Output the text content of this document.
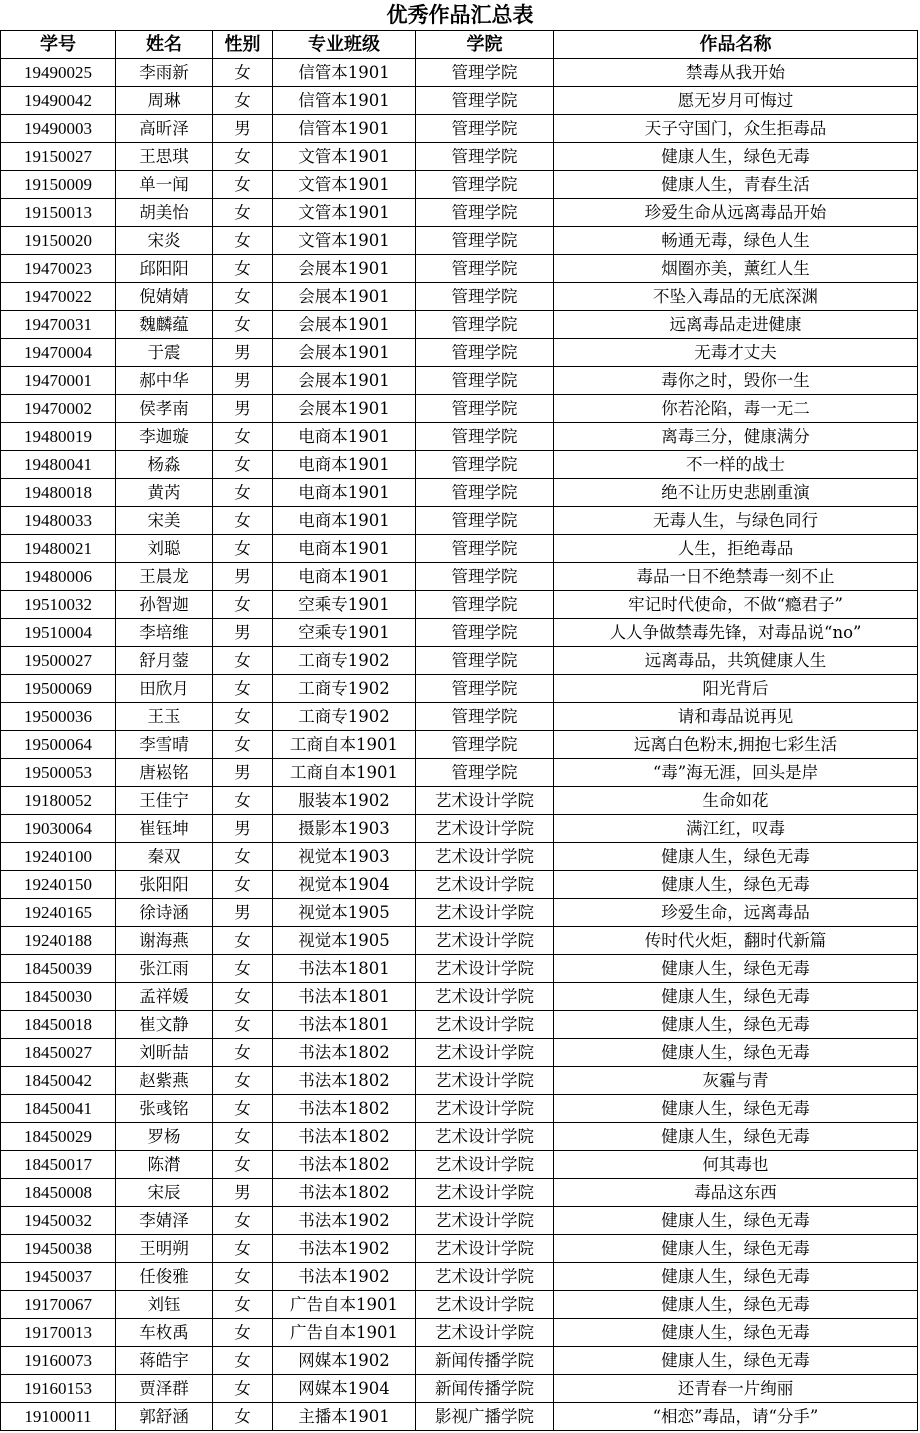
优秀作品汇总表
学号	姓名	性别	专业班级	学院	作品名称
19490025	李雨新	女	信管本1901	管理学院	禁毒从我开始
19490042	周琳	女	信管本1901	管理学院	愿无岁月可悔过
19490003	高昕泽	男	信管本1901	管理学院	天子守国门，众生拒毒品
19150027	王思琪	女	文管本1901	管理学院	健康人生，绿色无毒
19150009	单一闻	女	文管本1901	管理学院	健康人生，青春生活
19150013	胡美怡	女	文管本1901	管理学院	珍爱生命从远离毒品开始
19150020	宋炎	女	文管本1901	管理学院	畅通无毒，绿色人生
19470023	邱阳阳	女	会展本1901	管理学院	烟圈亦美，薰红人生
19470022	倪婧婧	女	会展本1901	管理学院	不坠入毒品的无底深渊
19470031	魏麟蕴	女	会展本1901	管理学院	远离毒品走进健康
19470004	于震	男	会展本1901	管理学院	无毒才丈夫
19470001	郝中华	男	会展本1901	管理学院	毒你之时，毁你一生
19470002	侯孝南	男	会展本1901	管理学院	你若沦陷，毒一无二
19480019	李迦璇	女	电商本1901	管理学院	离毒三分，健康满分
19480041	杨淼	女	电商本1901	管理学院	不一样的战士
19480018	黄芮	女	电商本1901	管理学院	绝不让历史悲剧重演
19480033	宋美	女	电商本1901	管理学院	无毒人生，与绿色同行
19480021	刘聪	女	电商本1901	管理学院	人生，拒绝毒品
19480006	王晨龙	男	电商本1901	管理学院	毒品一日不绝禁毒一刻不止
19510032	孙智迦	女	空乘专1901	管理学院	牢记时代使命，不做“瘾君子”
19510004	李培维	男	空乘专1901	管理学院	人人争做禁毒先锋，对毒品说“no”
19500027	舒月蓥	女	工商专1902	管理学院	远离毒品，共筑健康人生
19500069	田欣月	女	工商专1902	管理学院	阳光背后
19500036	王玉	女	工商专1902	管理学院	请和毒品说再见
19500064	李雪晴	女	工商自本1901	管理学院	远离白色粉末,拥抱七彩生活
19500053	唐崧铭	男	工商自本1901	管理学院	“毒”海无涯，回头是岸
19180052	王佳宁	女	服装本1902	艺术设计学院	生命如花
19030064	崔钰坤	男	摄影本1903	艺术设计学院	满江红，叹毒
19240100	秦双	女	视觉本1903	艺术设计学院	健康人生，绿色无毒
19240150	张阳阳	女	视觉本1904	艺术设计学院	健康人生，绿色无毒
19240165	徐诗涵	男	视觉本1905	艺术设计学院	珍爱生命，远离毒品
19240188	谢海燕	女	视觉本1905	艺术设计学院	传时代火炬，翻时代新篇
18450039	张江雨	女	书法本1801	艺术设计学院	健康人生，绿色无毒
18450030	孟祥媛	女	书法本1801	艺术设计学院	健康人生，绿色无毒
18450018	崔文静	女	书法本1801	艺术设计学院	健康人生，绿色无毒
18450027	刘昕喆	女	书法本1802	艺术设计学院	健康人生，绿色无毒
18450042	赵紫燕	女	书法本1802	艺术设计学院	灰霾与青
18450041	张彧铭	女	书法本1802	艺术设计学院	健康人生，绿色无毒
18450029	罗杨	女	书法本1802	艺术设计学院	健康人生，绿色无毒
18450017	陈潸	女	书法本1802	艺术设计学院	何其毒也
18450008	宋辰	男	书法本1802	艺术设计学院	毒品这东西
19450032	李婧泽	女	书法本1902	艺术设计学院	健康人生，绿色无毒
19450038	王明朔	女	书法本1902	艺术设计学院	健康人生，绿色无毒
19450037	任俊雅	女	书法本1902	艺术设计学院	健康人生，绿色无毒
19170067	刘钰	女	广告自本1901	艺术设计学院	健康人生，绿色无毒
19170013	车枚禹	女	广告自本1901	艺术设计学院	健康人生，绿色无毒
19160073	蒋皓宇	女	网媒本1902	新闻传播学院	健康人生，绿色无毒
19160153	贾泽群	女	网媒本1904	新闻传播学院	还青春一片绚丽
19100011	郭舒涵	女	主播本1901	影视广播学院	“相恋”毒品，请“分手”
